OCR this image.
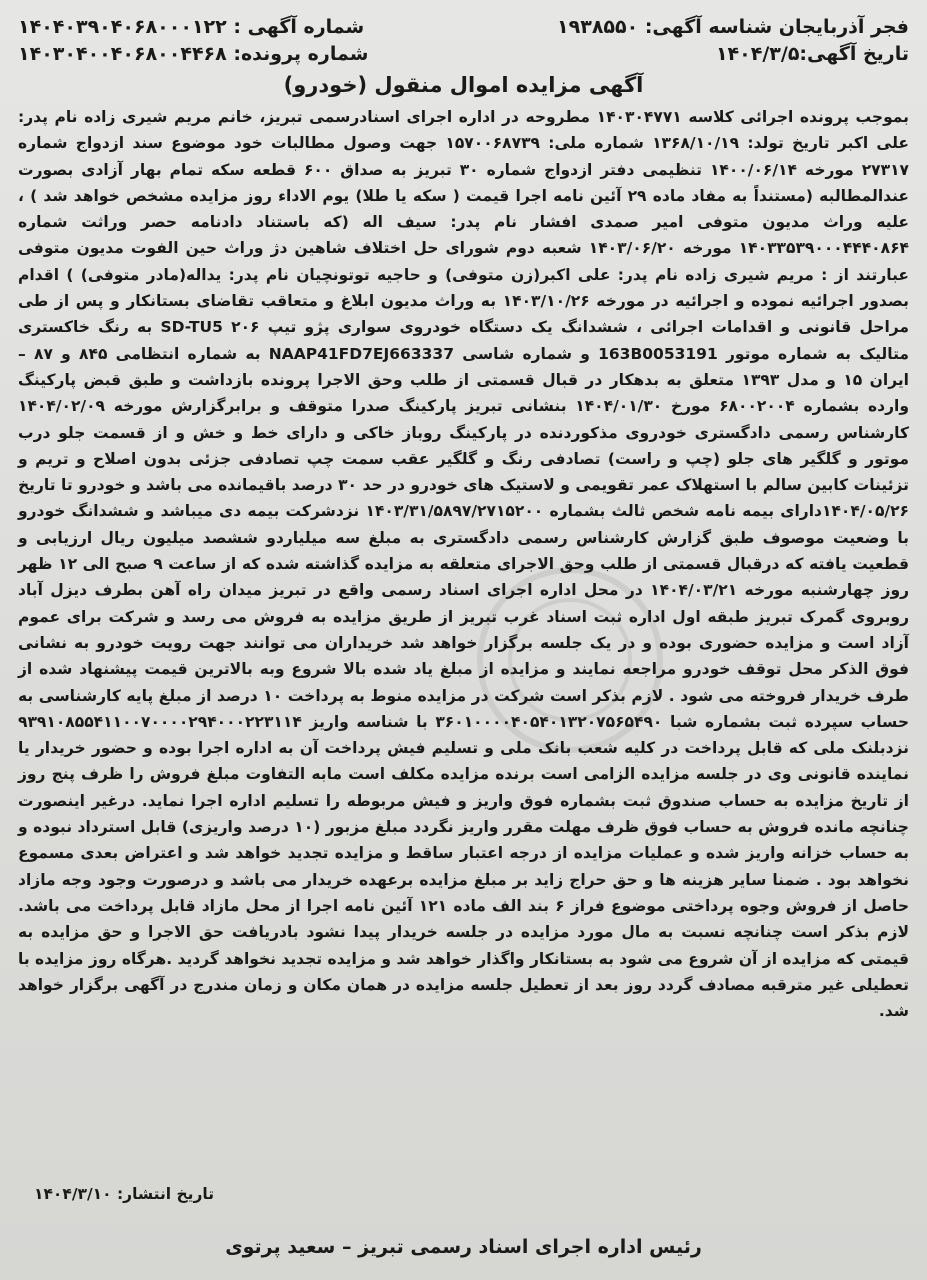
فجر آذربایجان شناسه آگهی: ۱۹۳۸۵۵۰
شماره آگهی : ۱۴۰۴۰۳۹۰۴۰۶۸۰۰۰۱۲۲
تاریخ آگهی:۱۴۰۴/۳/۵
شماره پرونده: ۱۴۰۳۰۴۰۰۴۰۶۸۰۰۴۴۶۸
آگهی مزایده اموال منقول (خودرو)

بموجب پرونده اجرائی کلاسه ۱۴۰۳۰۴۷۷۱ مطروحه در اداره اجرای اسنادرسمی تبریز، خانم مریم شیری زاده نام پدر: علی اکبر تاریخ تولد: ۱۳۶۸/۱۰/۱۹ شماره ملی: ۱۵۷۰۰۶۸۷۳۹ جهت وصول مطالبات خود موضوع سند ازدواج شماره ۲۷۳۱۷ مورخه ۱۴۰۰/۰۶/۱۴ تنظیمی دفتر ازدواج شماره ۳۰ تبریز به صداق ۶۰۰ قطعه سکه تمام بهار آزادی بصورت عندالمطالبه (مستنداً به مفاد ماده ۲۹ آئین نامه اجرا قیمت ( سکه یا طلا) یوم الاداء روز مزایده مشخص خواهد شد ) ، علیه وراث مدیون متوفی امیر صمدی افشار نام پدر: سیف اله (که باستناد دادنامه حصر وراثت شماره ۱۴۰۳۳۵۳۹۰۰۰۴۴۴۰۸۶۴ مورخه ۱۴۰۳/۰۶/۲۰ شعبه دوم شورای حل اختلاف شاهین دژ وراث حین الفوت مدیون متوفی عبارتند از : مریم شیری زاده نام پدر: علی اکبر(زن متوفی) و حاجیه توتونچیان نام پدر: یداله(مادر متوفی) ) اقدام بصدور اجرائیه نموده و اجرائیه در مورخه ۱۴۰۳/۱۰/۲۶ به وراث مدیون ابلاغ و متعاقب تقاضای بستانکار و پس از طی مراحل قانونی و اقدامات اجرائی ، ششدانگ یک دستگاه خودروی سواری پژو تیپ ۲۰۶ SD-TU5 به رنگ خاکستری متالیک به شماره موتور 163B0053191 و شماره شاسی NAAP41FD7EJ663337 به شماره انتظامی ۸۴۵ و ۸۷ – ایران ۱۵ و مدل ۱۳۹۳ متعلق به بدهکار در قبال قسمتی از طلب وحق الاجرا پرونده بازداشت و طبق قبض پارکینگ وارده بشماره ۶۸۰۰۲۰۰۴ مورخ ۱۴۰۴/۰۱/۳۰ بنشانی تبریز پارکینگ صدرا متوقف و برابرگزارش مورخه ۱۴۰۴/۰۲/۰۹ کارشناس رسمی دادگستری خودروی مذکوردنده در پارکینگ روباز خاکی و دارای خط و خش و از قسمت جلو درب موتور و گلگیر های جلو (چپ و راست) تصادفی رنگ و گلگیر عقب سمت چپ تصادفی جزئی بدون اصلاح و تریم و تزئینات کابین سالم با استهلاک عمر تقویمی و لاستیک های خودرو در حد ۳۰ درصد باقیمانده می باشد و خودرو تا تاریخ ۱۴۰۴/۰۵/۲۶دارای بیمه نامه شخص ثالث بشماره ۱۴۰۳/۳۱/۵۸۹۷/۲۷۱۵۲۰۰ نزدشرکت بیمه دی میباشد و ششدانگ خودرو با وضعیت موصوف طبق گزارش کارشناس رسمی دادگستری به مبلغ سه میلیاردو ششصد میلیون ریال ارزیابی و قطعیت یافته که درقبال قسمتی از طلب وحق الاجرای متعلقه به مزایده گذاشته شده که از ساعت ۹ صبح الی ۱۲ ظهر روز چهارشنبه مورخه ۱۴۰۴/۰۳/۲۱ در محل اداره اجرای اسناد رسمی واقع در تبریز میدان راه آهن بطرف دیزل آباد روبروی گمرک تبریز طبقه اول اداره ثبت اسناد غرب تبریز از طریق مزایده به فروش می رسد و شرکت برای عموم آزاد است و مزایده حضوری بوده و در یک جلسه برگزار خواهد شد خریداران می توانند جهت رویت خودرو به نشانی فوق الذکر محل توقف خودرو مراجعه نمایند و مزایده از مبلغ یاد شده بالا شروع وبه بالاترین قیمت پیشنهاد شده از طرف خریدار فروخته می شود . لازم بذکر است شرکت در مزایده منوط به پرداخت ۱۰ درصد از مبلغ پایه کارشناسی به حساب سپرده ثبت بشماره شبا ۳۶۰۱۰۰۰۰۴۰۵۴۰۱۳۲۰۷۵۶۵۴۹۰ با شناسه واریز ۹۳۹۱۰۸۵۵۴۱۱۰۰۷۰۰۰۰۲۹۴۰۰۰۲۲۳۱۱۴ نزدبلنک ملی که قابل پرداخت در کلیه شعب بانک ملی و تسلیم فیش پرداخت آن به اداره اجرا بوده و حضور خریدار یا نماینده قانونی وی در جلسه مزایده الزامی است برنده مزایده مکلف است مابه التفاوت مبلغ فروش را ظرف پنج روز از تاریخ مزایده به حساب صندوق ثبت بشماره فوق واریز و فیش مربوطه را تسلیم اداره اجرا نماید. درغیر اینصورت چنانچه مانده فروش به حساب فوق ظرف مهلت مقرر واریز نگردد مبلغ مزبور (۱۰ درصد واریزی) قابل استرداد نبوده و به حساب خزانه واریز شده و عملیات مزایده از درجه اعتبار ساقط و مزایده تجدید خواهد شد و اعتراض بعدی مسموع نخواهد بود . ضمنا سایر هزینه ها و حق حراج زاید بر مبلغ مزایده برعهده خریدار می باشد و درصورت وجود وجه مازاد حاصل از فروش وجوه پرداختی موضوع فراز ۶ بند الف ماده ۱۲۱ آئین نامه اجرا از محل مازاد قابل پرداخت می باشد. لازم بذکر است چنانچه نسبت به مال مورد مزایده در جلسه خریدار پیدا نشود بادریافت حق الاجرا و حق مزایده به قیمتی که مزایده از آن شروع می شود به بستانکار واگذار خواهد شد و مزایده تجدید نخواهد گردید .هرگاه روز مزایده با تعطیلی غیر مترقبه مصادف گردد روز بعد از تعطیل جلسه مزایده در همان مکان و زمان مندرج در آگهی برگزار خواهد شد.

تاریخ انتشار: ۱۴۰۴/۳/۱۰
رئیس اداره اجرای اسناد رسمی تبریز – سعید پرتوی
